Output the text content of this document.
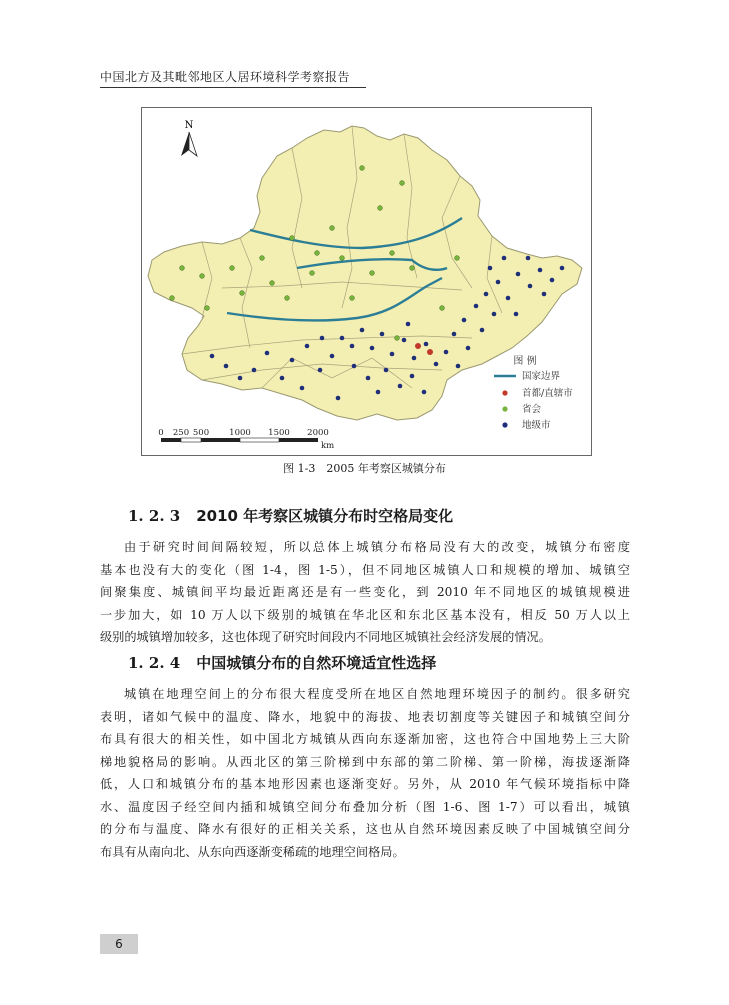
中国北方及其毗邻地区人居环境科学考察报告
N
图 例
国家边界
首都/直辖市
省会
地级市
0 250 500 1000 1500 2000
km
图 1-3　2005 年考察区城镇分布
1. 2. 3 2010 年考察区城镇分布时空格局变化
由于研究时间间隔较短，所以总体上城镇分布格局没有大的改变，城镇分布密度
基本也没有大的变化（图 1-4，图 1-5），但不同地区城镇人口和规模的增加、城镇空
间聚集度、城镇间平均最近距离还是有一些变化，到 2010 年不同地区的城镇规模进
一步加大，如 10 万人以下级别的城镇在华北区和东北区基本没有，相反 50 万人以上
级别的城镇增加较多，这也体现了研究时间段内不同地区城镇社会经济发展的情况。
1. 2. 4 中国城镇分布的自然环境适宜性选择
城镇在地理空间上的分布很大程度受所在地区自然地理环境因子的制约。很多研究
表明，诸如气候中的温度、降水，地貌中的海拔、地表切割度等关键因子和城镇空间分
布具有很大的相关性，如中国北方城镇从西向东逐渐加密，这也符合中国地势上三大阶
梯地貌格局的影响。从西北区的第三阶梯到中东部的第二阶梯、第一阶梯，海拔逐渐降
低，人口和城镇分布的基本地形因素也逐渐变好。另外，从 2010 年气候环境指标中降
水、温度因子经空间内插和城镇空间分布叠加分析（图 1-6、图 1-7）可以看出，城镇
的分布与温度、降水有很好的正相关关系，这也从自然环境因素反映了中国城镇空间分
布具有从南向北、从东向西逐渐变稀疏的地理空间格局。
6
